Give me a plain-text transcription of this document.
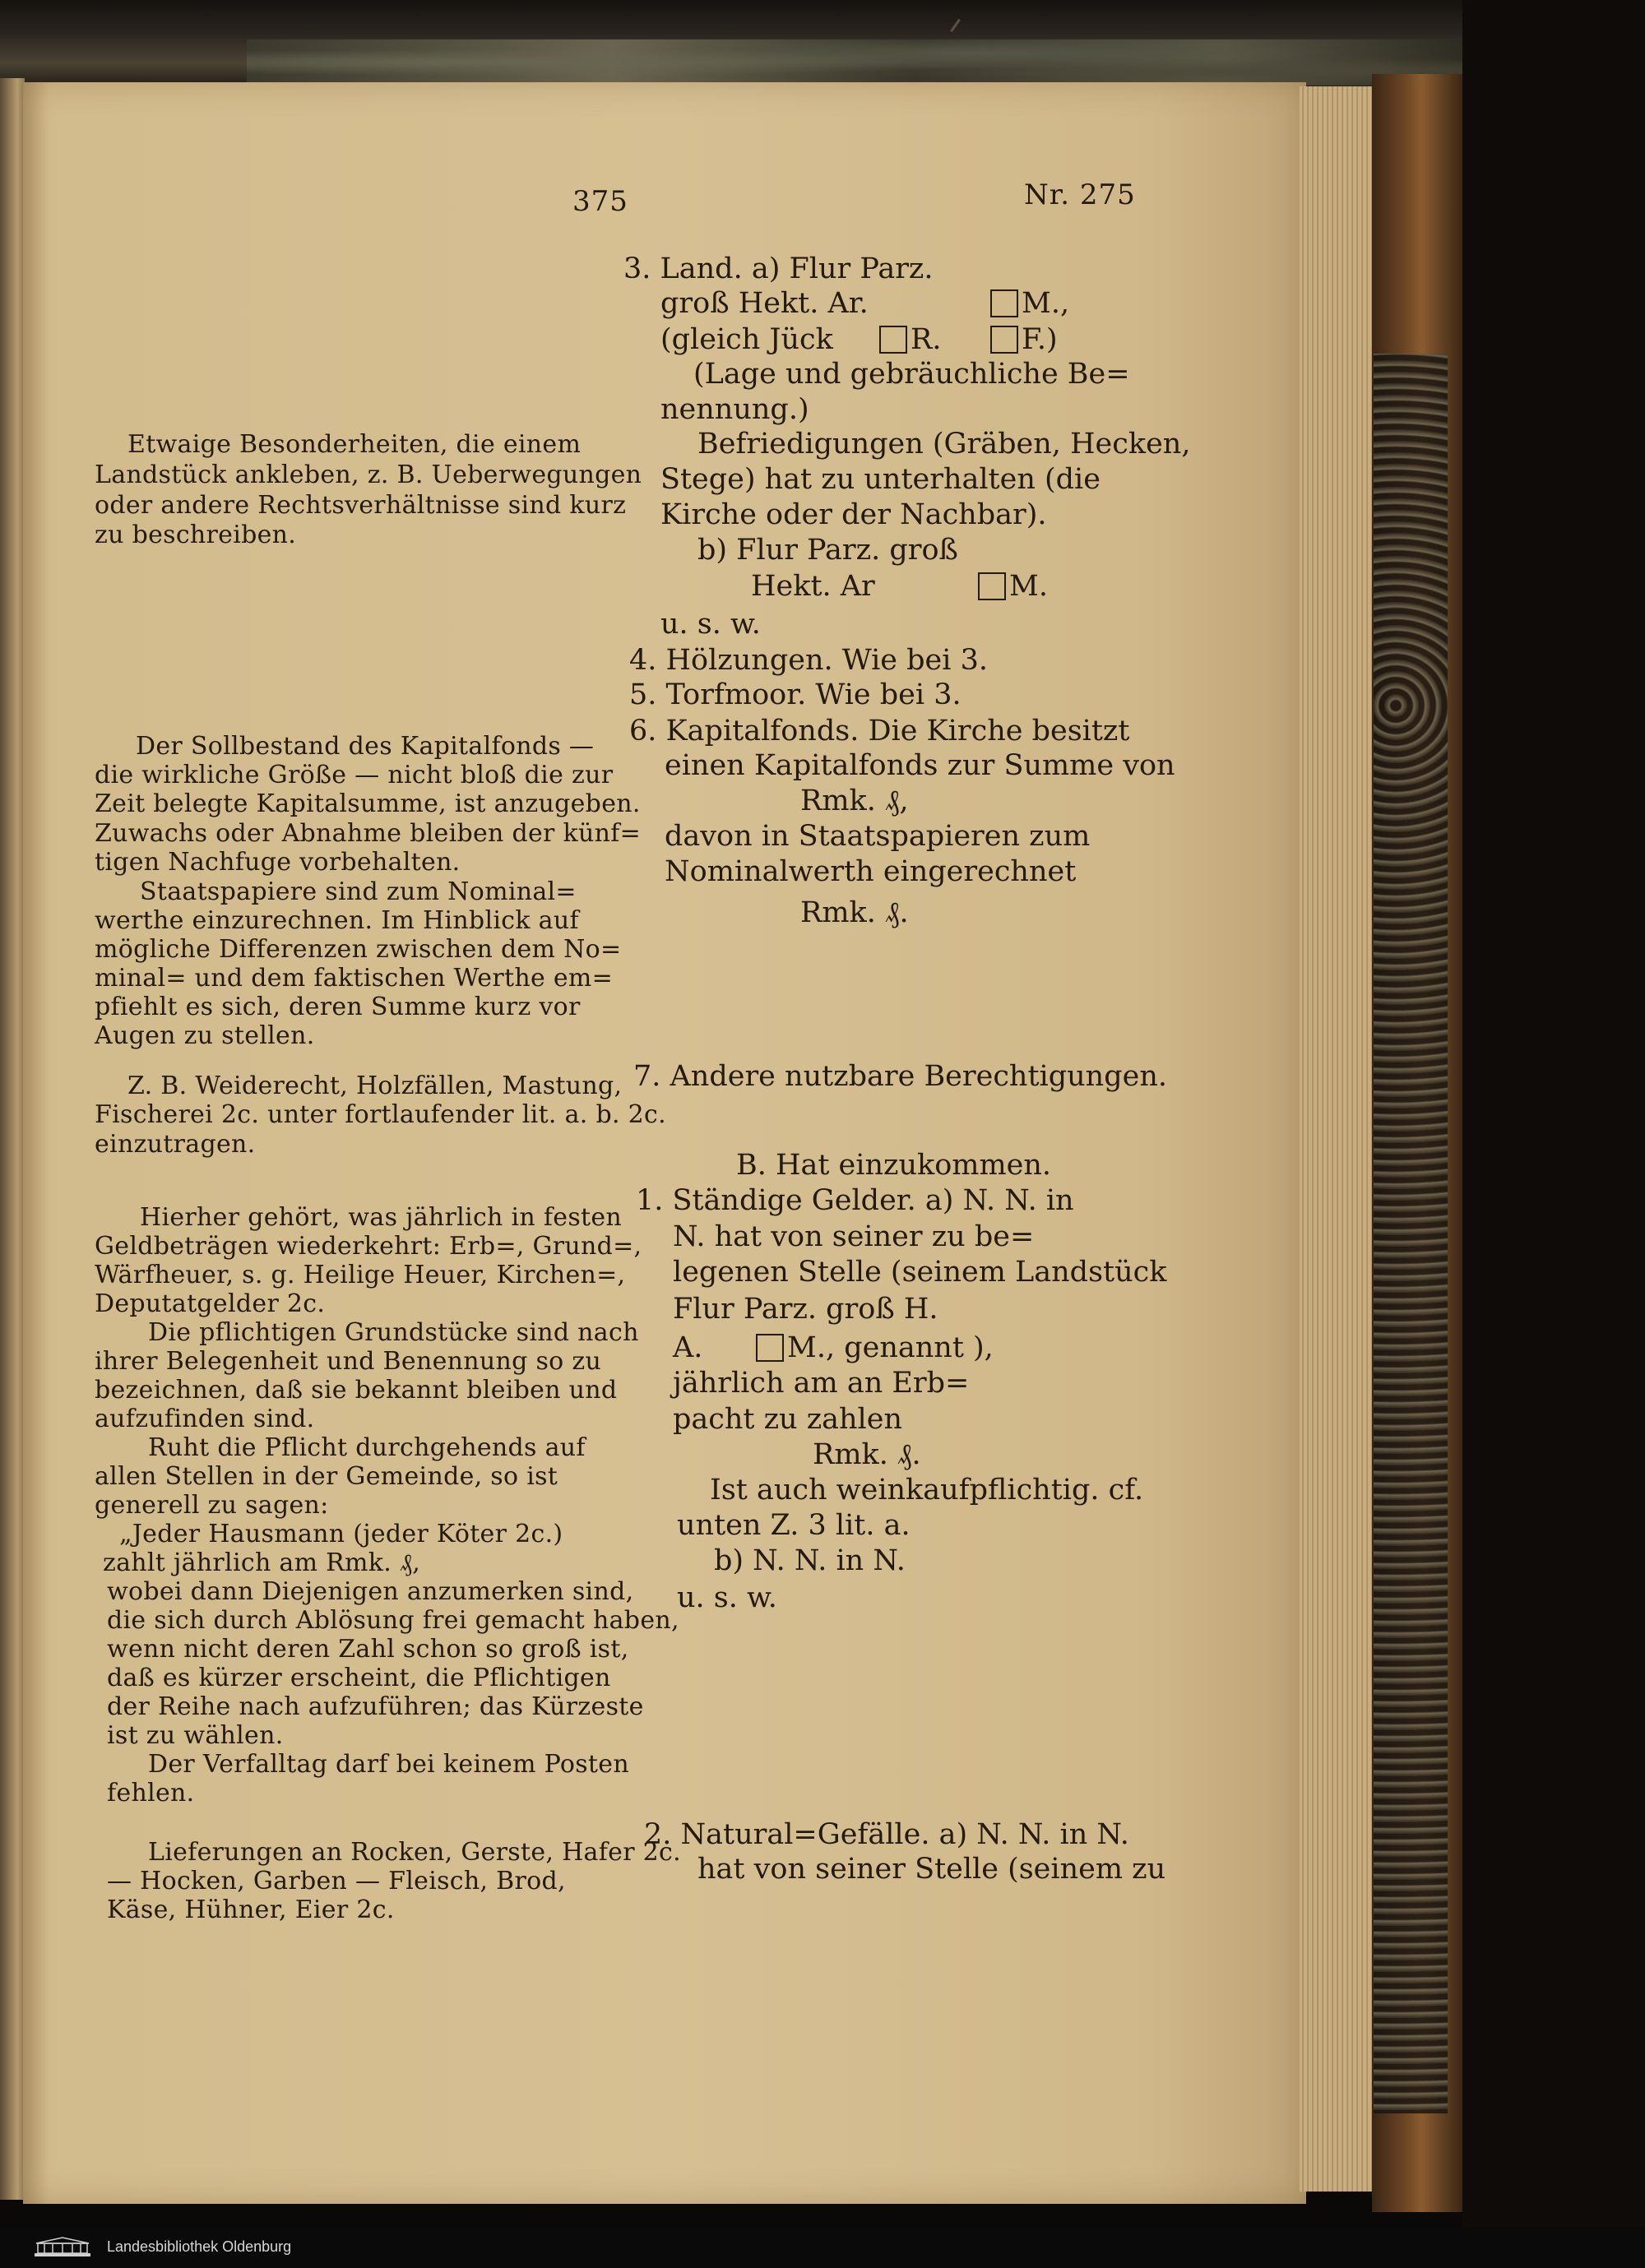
375	Nr. 275
Etwaige Besonderheiten, die einem
Landstück ankleben, z. B. Ueberwegungen
oder andere Rechtsverhältnisse sind kurz
zu beschreiben.
Der Sollbestand des Kapitalfonds —
die wirkliche Größe — nicht bloß die zur
Zeit belegte Kapitalsumme, ist anzugeben.
Zuwachs oder Abnahme bleiben der künf=
tigen Nachfuge vorbehalten.
Staatspapiere sind zum Nominal=
werthe einzurechnen. Im Hinblick auf
mögliche Differenzen zwischen dem No=
minal= und dem faktischen Werthe em=
pfiehlt es sich, deren Summe kurz vor
Augen zu stellen.
Z. B. Weiderecht, Holzfällen, Mastung,
Fischerei 2c. unter fortlaufender lit. a. b. 2c.
einzutragen.
Hierher gehört, was jährlich in festen
Geldbeträgen wiederkehrt: Erb=, Grund=,
Wärfheuer, s. g. Heilige Heuer, Kirchen=,
Deputatgelder 2c.
Die pflichtigen Grundstücke sind nach
ihrer Belegenheit und Benennung so zu
bezeichnen, daß sie bekannt bleiben und
aufzufinden sind.
Ruht die Pflicht durchgehends auf
allen Stellen in der Gemeinde, so ist
generell zu sagen:
„Jeder Hausmann (jeder Köter 2c.)
zahlt jährlich am Rmk. ₰,
wobei dann Diejenigen anzumerken sind,
die sich durch Ablösung frei gemacht haben,
wenn nicht deren Zahl schon so groß ist,
daß es kürzer erscheint, die Pflichtigen
der Reihe nach aufzuführen; das Kürzeste
ist zu wählen.
Der Verfalltag darf bei keinem Posten
fehlen.
Lieferungen an Rocken, Gerste, Hafer 2c.
— Hocken, Garben — Fleisch, Brod,
Käse, Hühner, Eier 2c.
3. Land. a) Flur Parz.
groß Hekt. Ar.	M.,
(gleich Jück	R.	F.)
(Lage und gebräuchliche Be=
nennung.)
Befriedigungen (Gräben, Hecken,
Stege) hat zu unterhalten (die
Kirche oder der Nachbar).
b) Flur Parz. groß
Hekt. Ar	M.
u. s. w.
4. Hölzungen. Wie bei 3.
5. Torfmoor. Wie bei 3.
6. Kapitalfonds. Die Kirche besitzt
einen Kapitalfonds zur Summe von
Rmk. ₰,
davon in Staatspapieren zum
Nominalwerth eingerechnet
Rmk. ₰.
7. Andere nutzbare Berechtigungen.
B. Hat einzukommen.
1. Ständige Gelder. a) N. N. in
N. hat von seiner zu be=
legenen Stelle (seinem Landstück
Flur Parz. groß H.
A.	M., genannt ),
jährlich am an Erb=
pacht zu zahlen
Rmk. ₰.
Ist auch weinkaufpflichtig. cf.
unten Z. 3 lit. a.
b) N. N. in N.
u. s. w.
2. Natural=Gefälle. a) N. N. in N.
hat von seiner Stelle (seinem zu
Landesbibliothek Oldenburg
